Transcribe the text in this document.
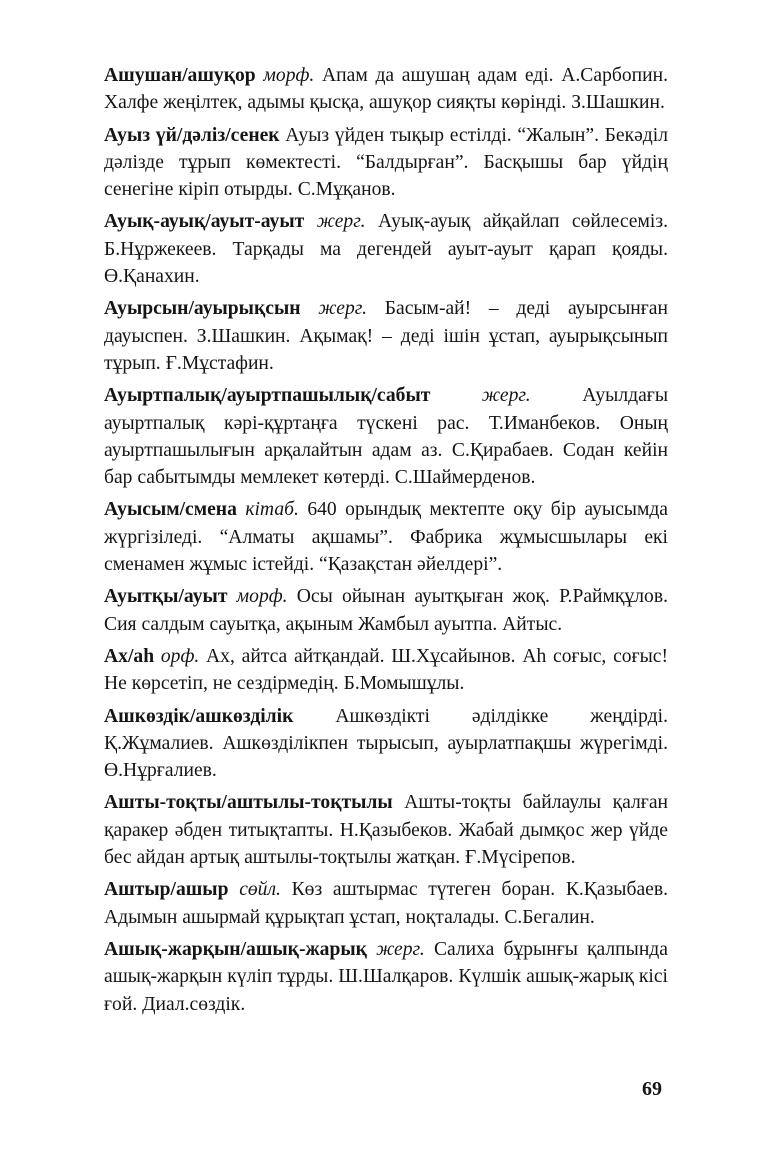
Ашушан/ашуқор морф. Апам да ашушаң адам еді. А.Сарбопин. Халфе жеңілтек, адымы қысқа, ашуқор сияқты көрінді. З.Шашкин.

Ауыз үй/дәліз/сенек Ауыз үйден тықыр естілді. “Жалын”. Бекәділ дәлізде тұрып көмектесті. “Балдырған”. Басқышы бар үйдің сенегіне кіріп отырды. С.Мұқанов.

Ауық-ауық/ауыт-ауыт жерг. Ауық-ауық айқайлап сөйлесеміз. Б.Нұржекеев. Тарқады ма дегендей ауыт-ауыт қарап қояды. Ө.Қанахин.

Ауырсын/ауырықсын жерг. Басым-ай! – деді ауырсынған дауыспен. З.Шашкин. Ақымақ! – деді ішін ұстап, ауырықсынып тұрып. Ғ.Мұстафин.

Ауыртпалық/ауыртпашылық/сабыт	жерг.	Ауылдағы ауыртпалық кәрі-құртаңға түскені рас. Т.Иманбеков. Оның ауыртпашылығын арқалайтын адам аз. С.Қирабаев. Содан кейін бар сабытымды мемлекет көтерді. С.Шаймерденов.

Ауысым/смена кітаб. 640 орындық мектепте оқу бір ауысымда жүргізіледі. “Алматы ақшамы”. Фабрика жұмысшылары екі сменамен жұмыс істейді. “Қазақстан әйелдері”.

Ауытқы/ауыт морф. Осы ойынан ауытқыған жоқ. Р.Раймқұлов. Сия салдым сауытқа, ақыным Жамбыл ауытпа. Айтыс.

Ах/аһ орф. Ах, айтса айтқандай. Ш.Хұсайынов. Аһ соғыс, соғыс! Не көрсетіп, не сездірмедің. Б.Момышұлы.

Ашкөздік/ашкөзділік Ашкөздікті әділдікке жеңдірді. Қ.Жұмалиев. Ашкөзділікпен тырысып, ауырлатпақшы жүрегімді. Ө.Нұрғалиев.

Ашты-тоқты/аштылы-тоқтылы Ашты-тоқты байлаулы қалған қаракер әбден титықтапты. Н.Қазыбеков. Жабай дымқос жер үйде бес айдан артық аштылы-тоқтылы жатқан. Ғ.Мүсірепов.

Аштыр/ашыр сөйл. Көз аштырмас түтеген боран. К.Қазыбаев. Адымын ашырмай құрықтап ұстап, ноқталады. С.Бегалин.

Ашық-жарқын/ашық-жарық жерг. Салиха бұрынғы қалпында ашық-жарқын күліп тұрды. Ш.Шалқаров. Күлшік ашық-жарық кісі ғой. Диал.сөздік.

69
